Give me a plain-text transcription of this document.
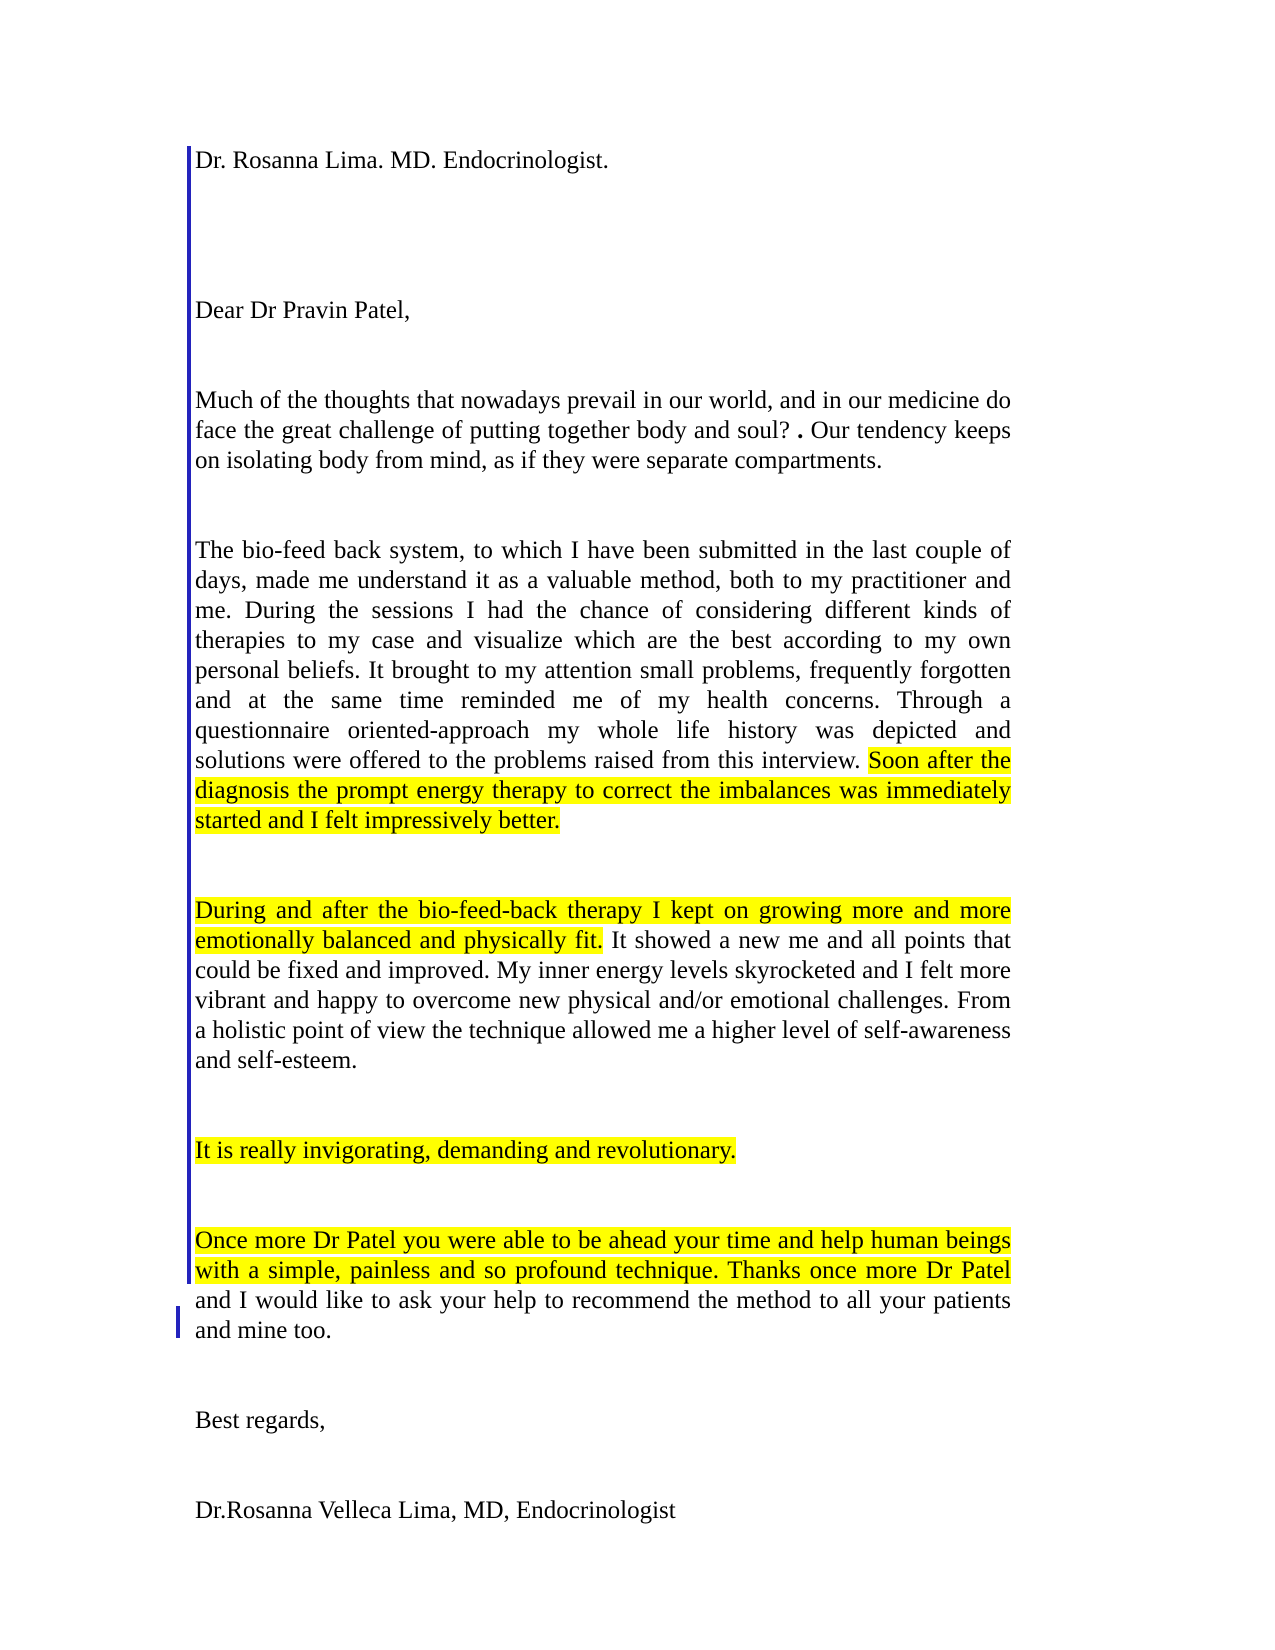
Dr. Rosanna Lima. MD. Endocrinologist.

Dear Dr Pravin Patel,

Much of the thoughts that nowadays prevail in our world, and in our medicine do face the great challenge of putting together body and soul? . Our tendency keeps on isolating body from mind, as if they were separate compartments.

The bio-feed back system, to which I have been submitted in the last couple of days, made me understand it as a valuable method, both to my practitioner and me. During the sessions I had the chance of considering different kinds of therapies to my case and visualize which are the best according to my own personal beliefs. It brought to my attention small problems, frequently forgotten and at the same time reminded me of my health concerns. Through a questionnaire oriented-approach my whole life history was depicted and solutions were offered to the problems raised from this interview. Soon after the diagnosis the prompt energy therapy to correct the imbalances was immediately started and I felt impressively better.

During and after the bio-feed-back therapy I kept on growing more and more emotionally balanced and physically fit. It showed a new me and all points that could be fixed and improved. My inner energy levels skyrocketed and I felt more vibrant and happy to overcome new physical and/or emotional challenges. From a holistic point of view the technique allowed me a higher level of self-awareness and self-esteem.

It is really invigorating, demanding and revolutionary.

Once more Dr Patel you were able to be ahead your time and help human beings with a simple, painless and so profound technique. Thanks once more Dr Patel and I would like to ask your help to recommend the method to all your patients and mine too.

Best regards,

Dr.Rosanna Velleca Lima, MD, Endocrinologist
